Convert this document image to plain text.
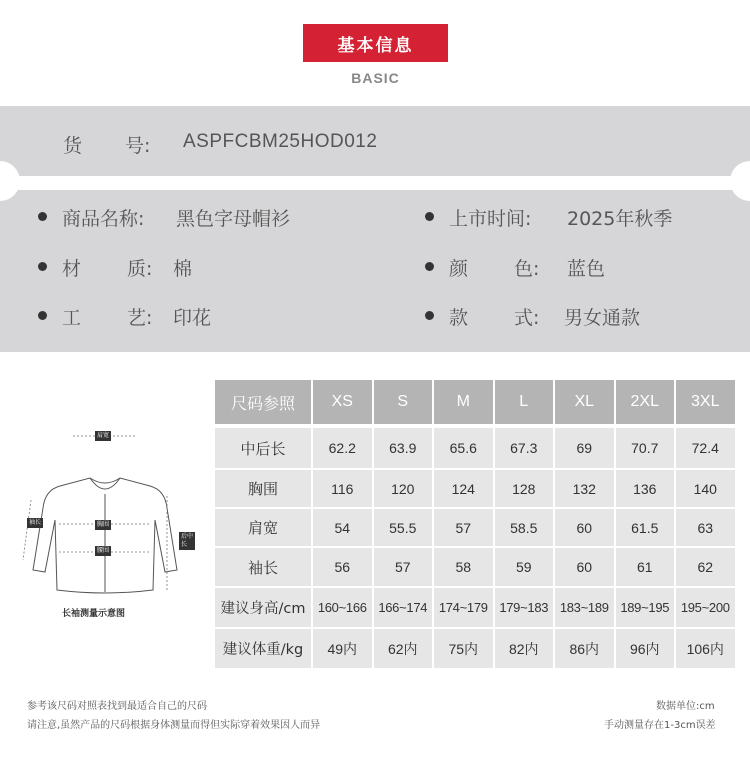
基本信息
BASIC
货 号: ASPFCBM25HOD012
商品名称: 黑色字母帽衫
材 质: 棉
工 艺: 印花
上市时间: 2025年秋季
颜 色: 蓝色
款 式: 男女通款
肩宽
胸围
腰围
袖长
后中长
长袖测量示意图
尺码参照	XS	S	M	L	XL	2XL	3XL
中后长	62.2	63.9	65.6	67.3	69	70.7	72.4
胸围	116	120	124	128	132	136	140
肩宽	54	55.5	57	58.5	60	61.5	63
袖长	56	57	58	59	60	61	62
建议身高/cm 160~166 166~174 174~179 179~183 183~189 189~195 195~200
建议体重/kg	49内	62内	75内	82内	86内	96内	106内
参考该尺码对照表找到最适合自己的尺码
请注意,虽然产品的尺码根据身体测量而得但实际穿着效果因人而异
数据单位:cm
手动测量存在1-3cm误差
